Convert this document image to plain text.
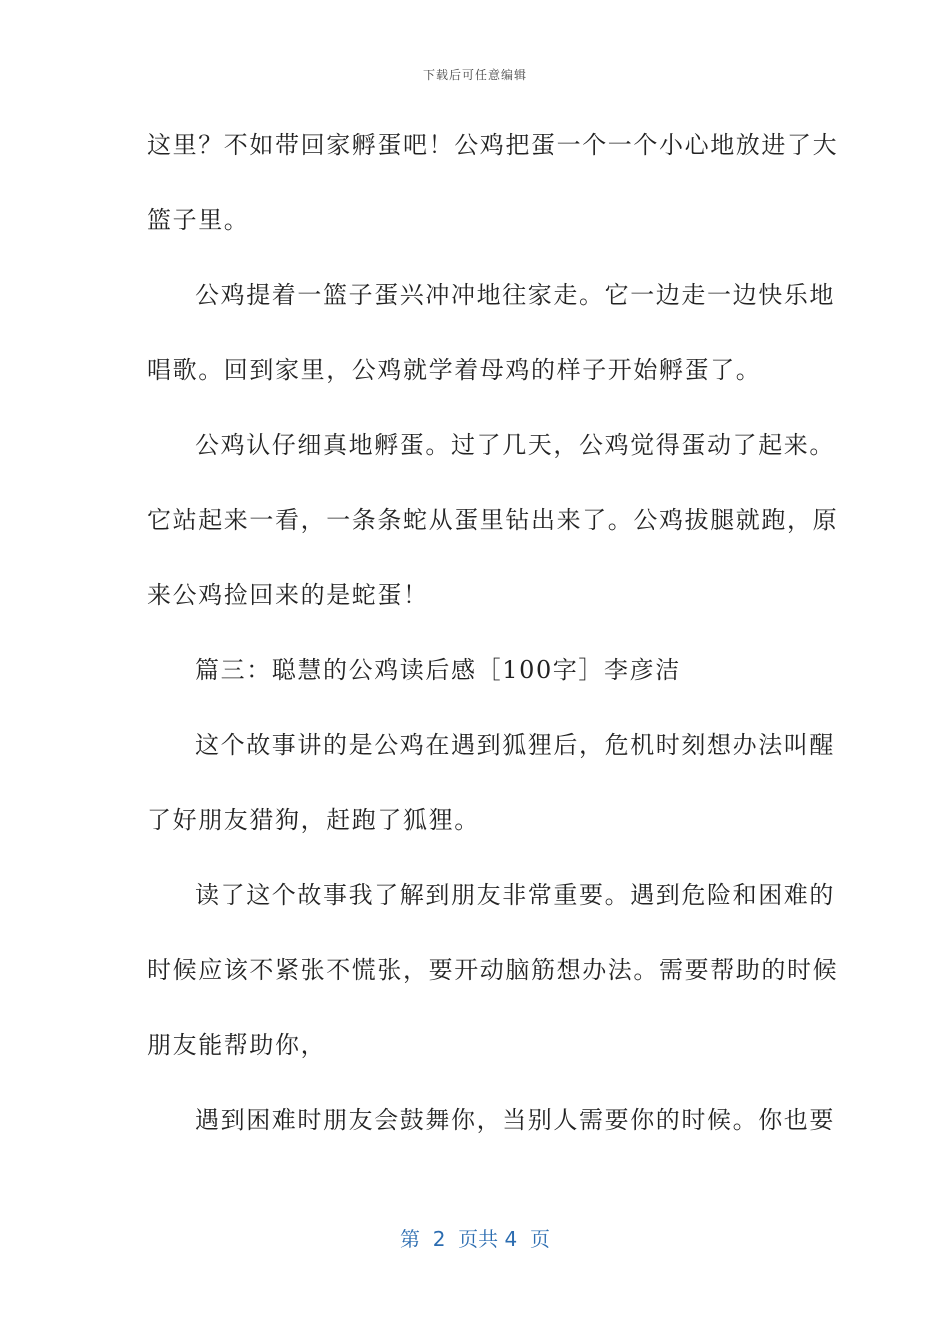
下载后可任意编辑
这里？不如带回家孵蛋吧！公鸡把蛋一个一个小心地放进了大
篮子里。
公鸡提着一篮子蛋兴冲冲地往家走。它一边走一边快乐地
唱歌。回到家里，公鸡就学着母鸡的样子开始孵蛋了。
公鸡认仔细真地孵蛋。过了几天，公鸡觉得蛋动了起来。
它站起来一看，一条条蛇从蛋里钻出来了。公鸡拔腿就跑，原
来公鸡捡回来的是蛇蛋！
篇三：聪慧的公鸡读后感［100字］李彦洁
这个故事讲的是公鸡在遇到狐狸后，危机时刻想办法叫醒
了好朋友猎狗，赶跑了狐狸。
读了这个故事我了解到朋友非常重要。遇到危险和困难的
时候应该不紧张不慌张，要开动脑筋想办法。需要帮助的时候
朋友能帮助你，
遇到困难时朋友会鼓舞你，当别人需要你的时候。你也要
第  2  页共 4  页
